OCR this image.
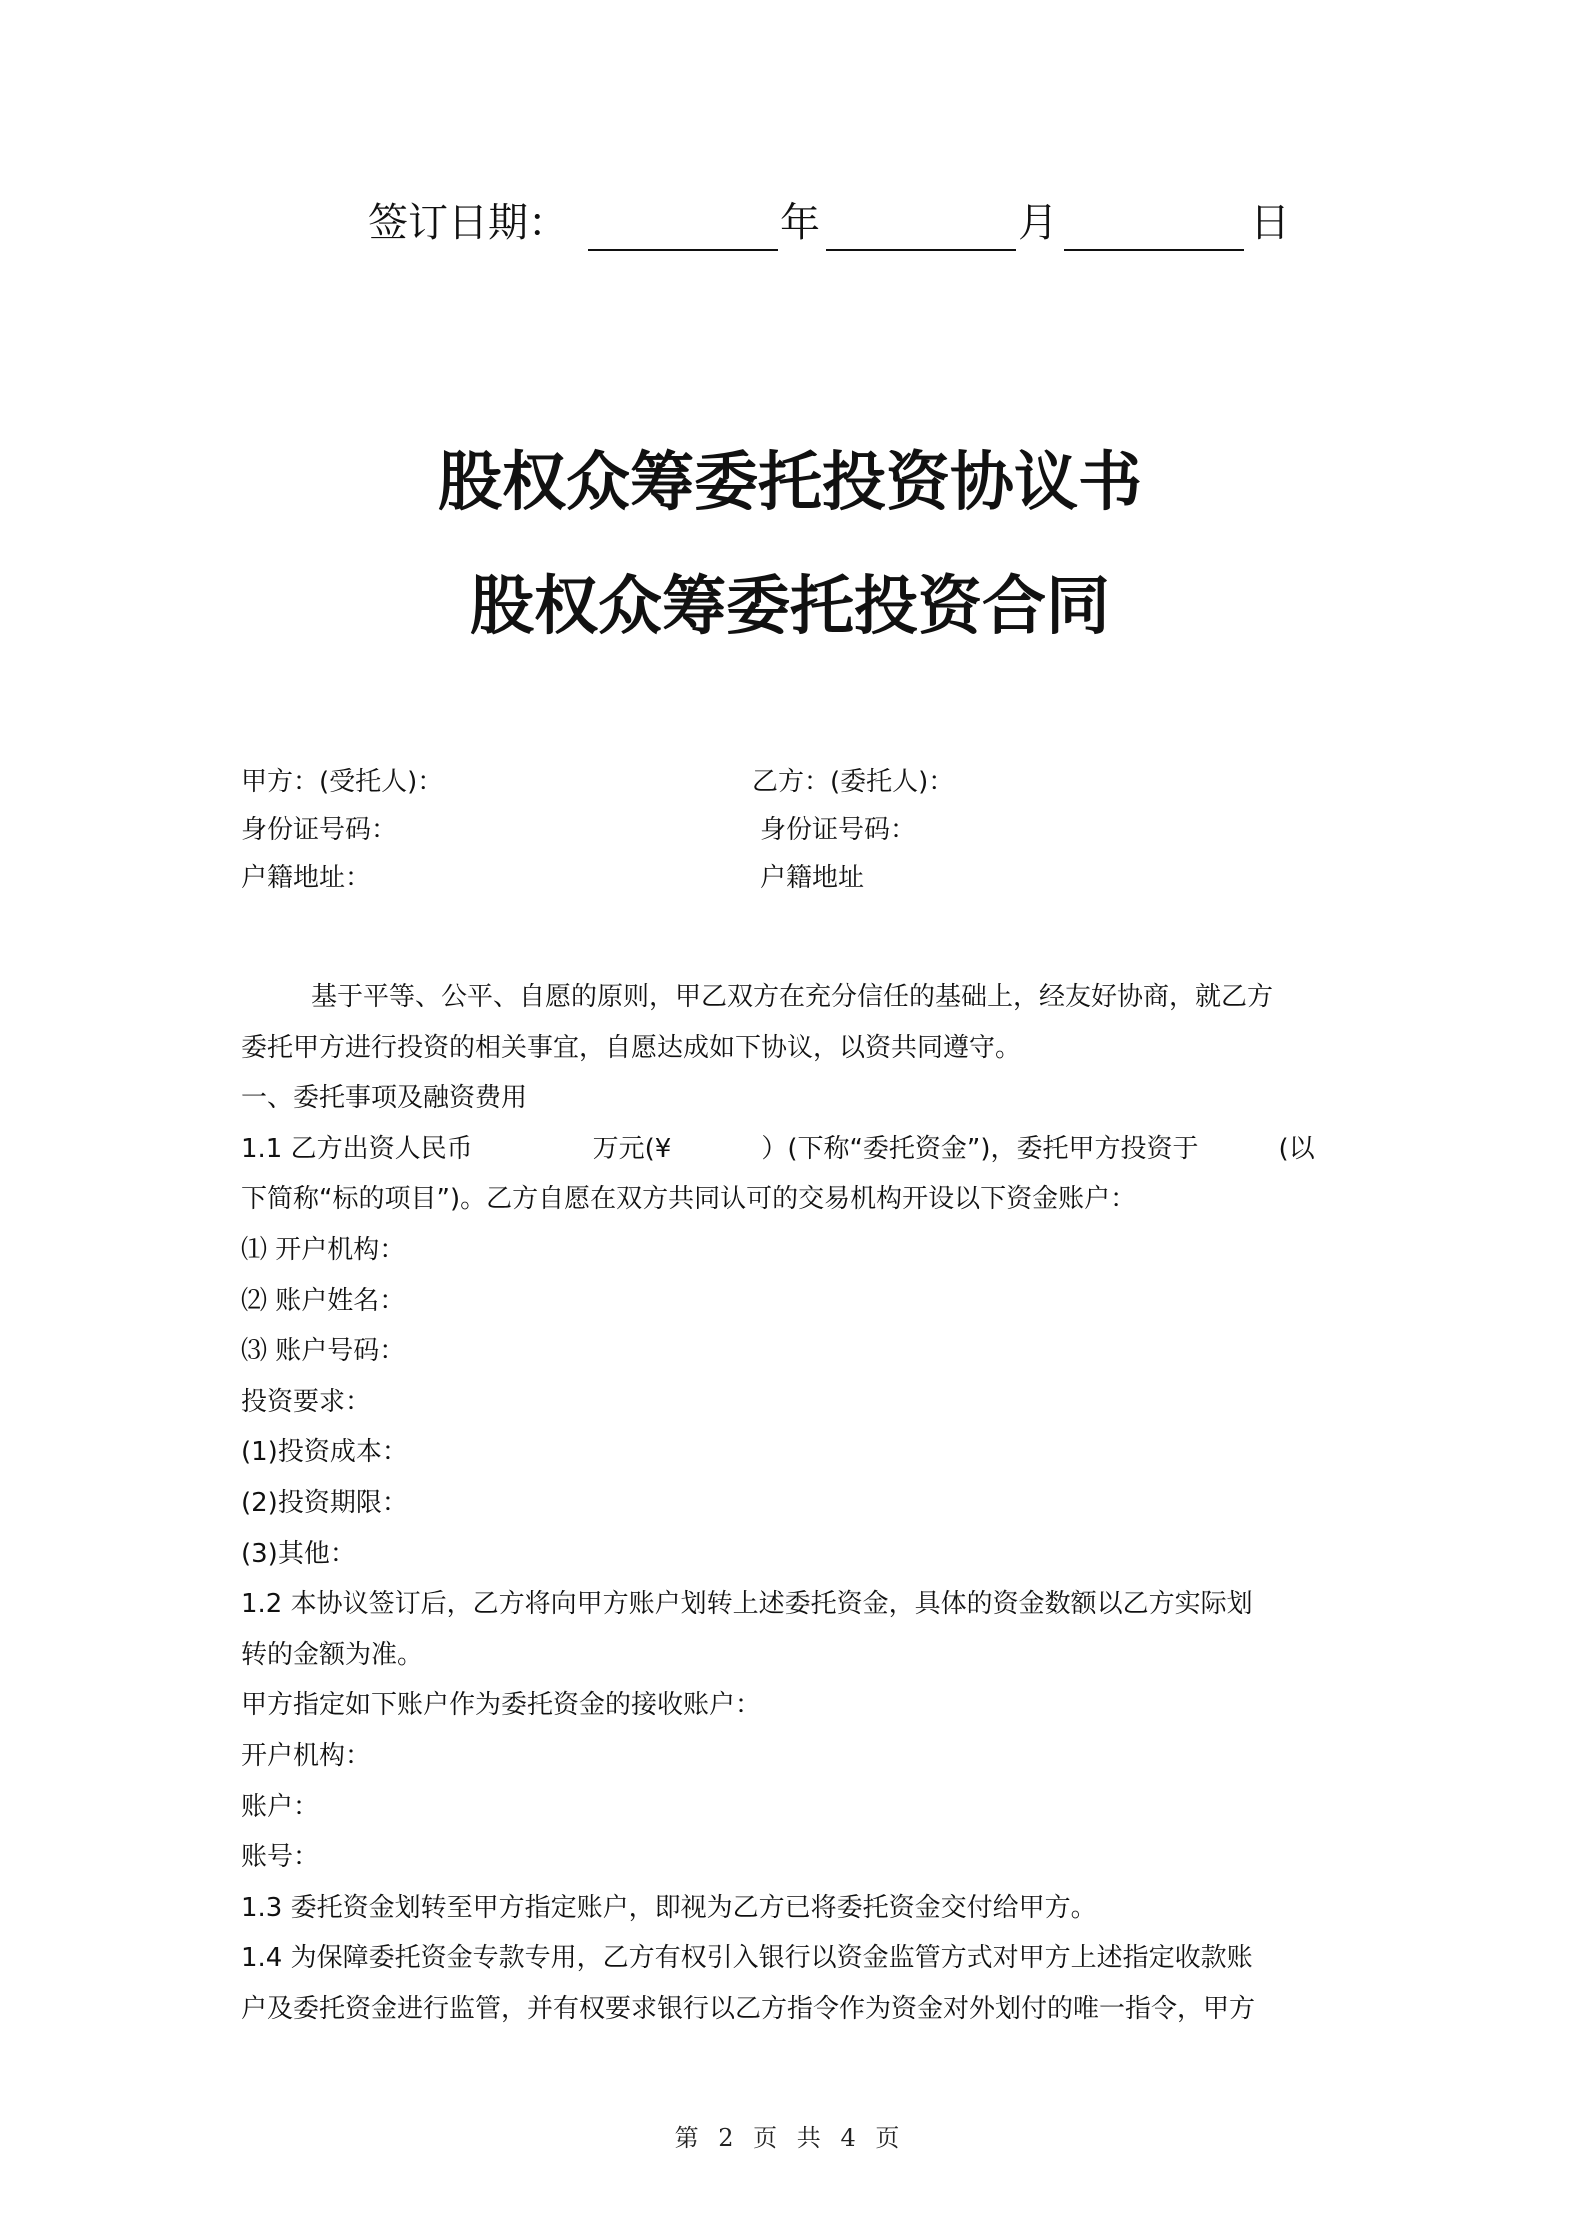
签订日期：	年	月	日
股权众筹委托投资协议书
股权众筹委托投资合同
甲方：(受托人)：
身份证号码：
户籍地址：
乙方：(委托人)：
身份证号码：
户籍地址

基于平等、公平、自愿的原则，甲乙双方在充分信任的基础上，经友好协商，就乙方

委托甲方进行投资的相关事宜，自愿达成如下协议，以资共同遵守。

一、委托事项及融资费用

1.1 乙方出资人民币	万元(¥	）(下称“委托资金”)，委托甲方投资于	(以

下简称“标的项目”)。乙方自愿在双方共同认可的交易机构开设以下资金账户：

⑴ 开户机构：

⑵ 账户姓名：

⑶ 账户号码：

投资要求：

(1)投资成本：

(2)投资期限：

(3)其他：

1.2 本协议签订后，乙方将向甲方账户划转上述委托资金，具体的资金数额以乙方实际划

转的金额为准。

甲方指定如下账户作为委托资金的接收账户：

开户机构：

账户：

账号：

1.3 委托资金划转至甲方指定账户，即视为乙方已将委托资金交付给甲方。

1.4 为保障委托资金专款专用，乙方有权引入银行以资金监管方式对甲方上述指定收款账

户及委托资金进行监管，并有权要求银行以乙方指令作为资金对外划付的唯一指令，甲方

第 2 页 共 4 页
